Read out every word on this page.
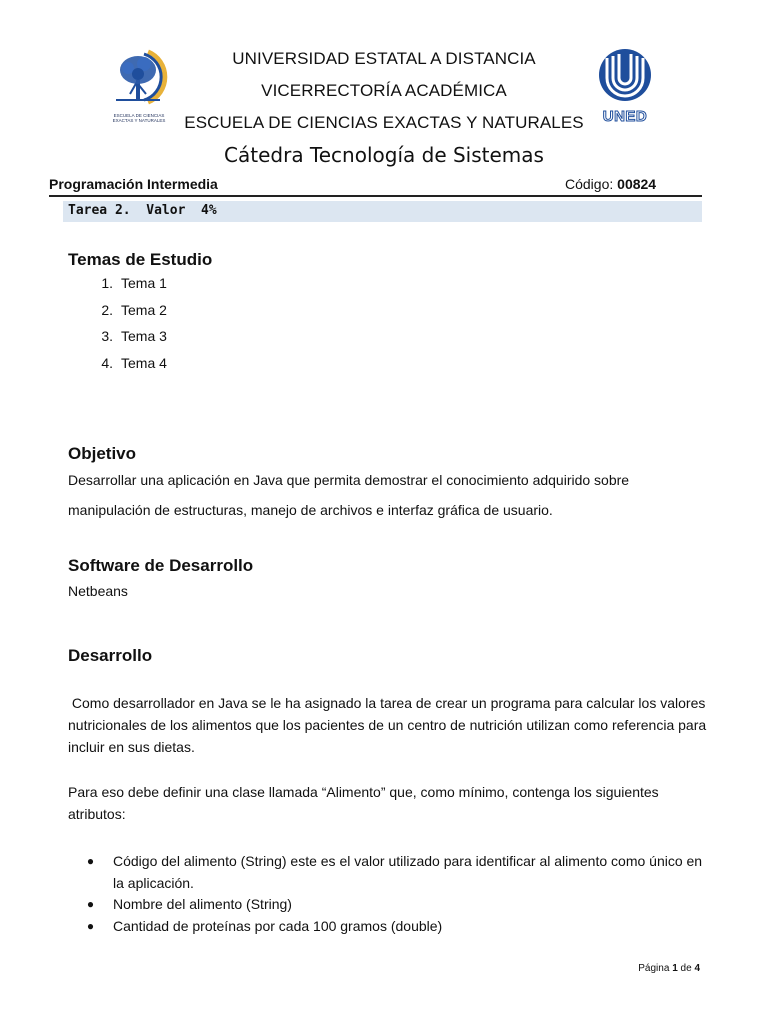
ESCUELA DE CIENCIAS
EXACTAS Y NATURALES	UNED
UNIVERSIDAD ESTATAL A DISTANCIA
VICERRECTORÍA ACADÉMICA
ESCUELA DE CIENCIAS EXACTAS Y NATURALES
Cátedra Tecnología de Sistemas
Programación Intermedia	Código: 00824
Tarea 2.  Valor  4%
Temas de Estudio
1. Tema 1
2. Tema 2
3. Tema 3
4. Tema 4
Objetivo
Desarrollar una aplicación en Java que permita demostrar el conocimiento adquirido sobre
manipulación de estructuras, manejo de archivos e interfaz gráfica de usuario.
Software de Desarrollo
Netbeans
Desarrollo
Como desarrollador en Java se le ha asignado la tarea de crear un programa para calcular los valores nutricionales de los alimentos que los pacientes de un centro de nutrición utilizan como referencia para incluir en sus dietas.
Para eso debe definir una clase llamada “Alimento” que, como mínimo, contenga los siguientes atributos:
●	Código del alimento (String) este es el valor utilizado para identificar al alimento como único en la aplicación.
●	Nombre del alimento (String)
●	Cantidad de proteínas por cada 100 gramos (double)
Página 1 de 4
